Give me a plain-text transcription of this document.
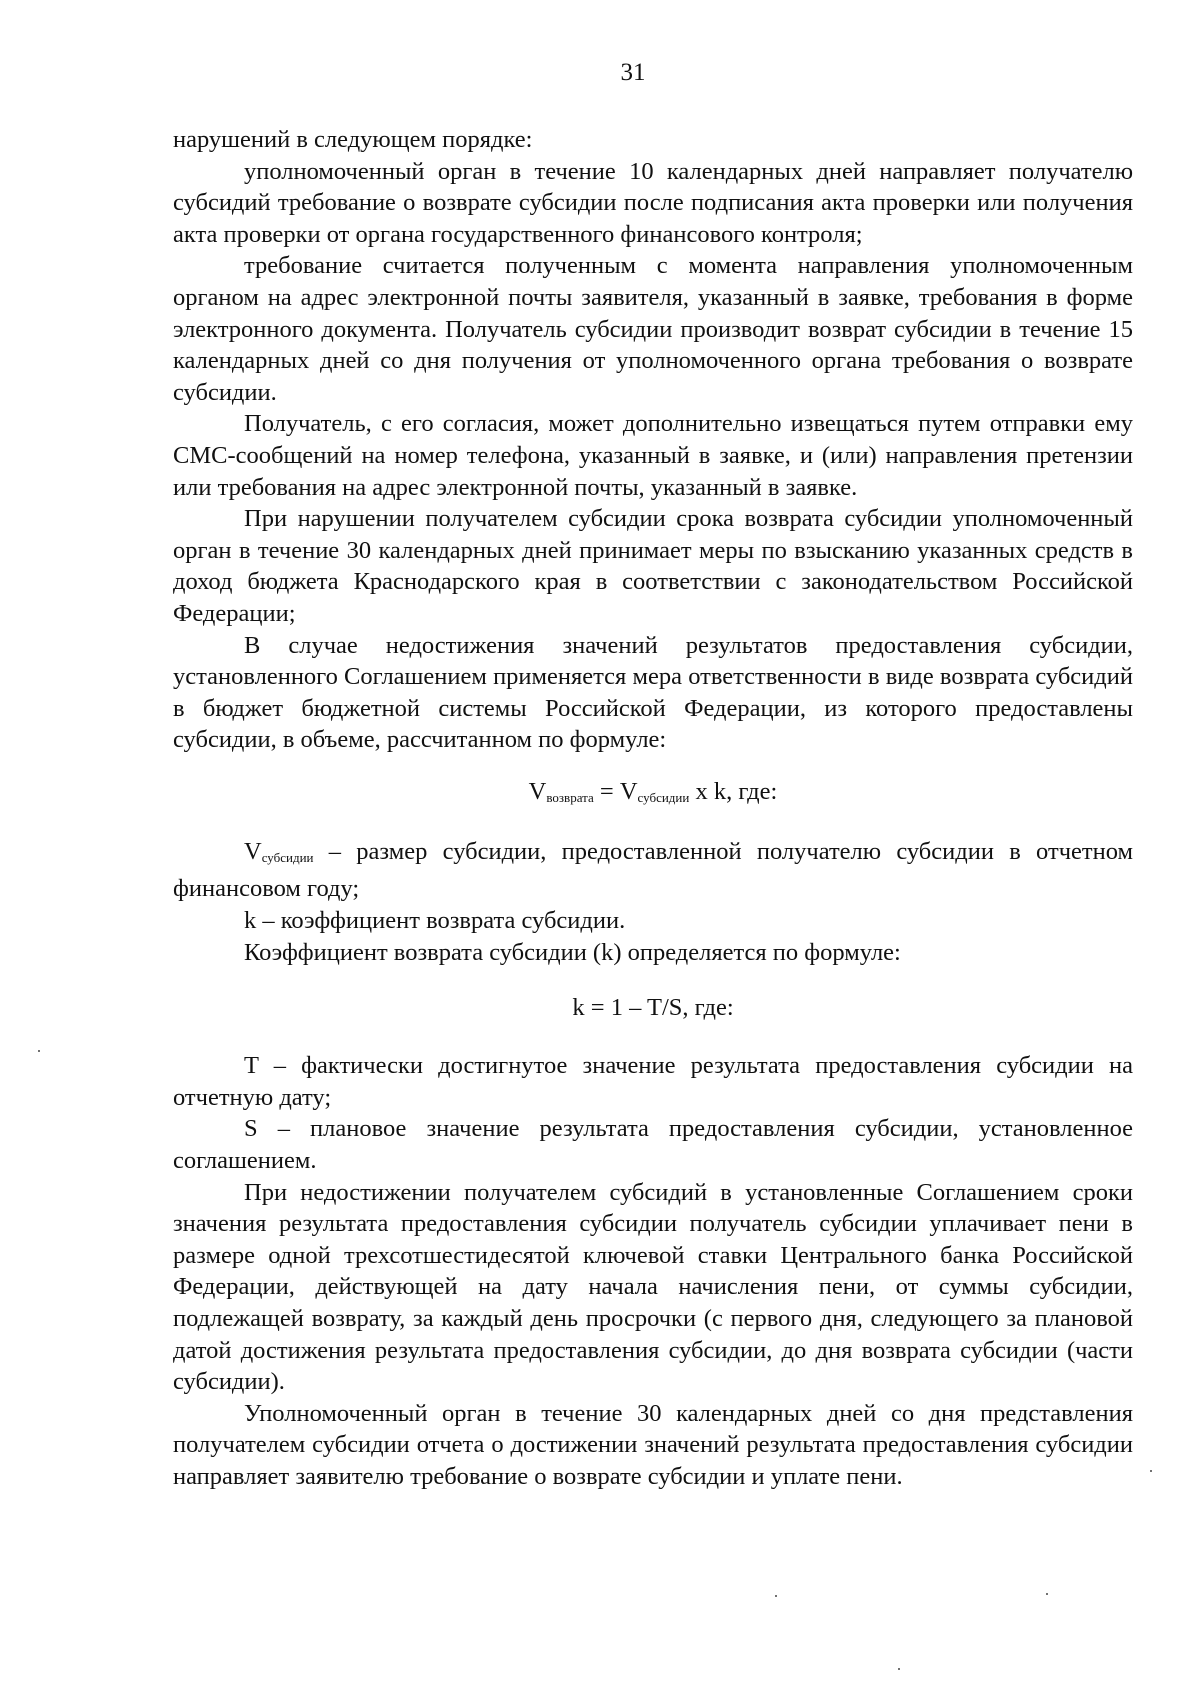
31

нарушений в следующем порядке:

уполномоченный орган в течение 10 календарных дней направляет получателю субсидий требование о возврате субсидии после подписания акта проверки или получения акта проверки от органа государственного финансового контроля;

требование считается полученным с момента направления уполномоченным органом на адрес электронной почты заявителя, указанный в заявке, требования в форме электронного документа. Получатель субсидии производит возврат субсидии в течение 15 календарных дней со дня получения от уполномоченного органа требования о возврате субсидии.

Получатель, с его согласия, может дополнительно извещаться путем отправки ему СМС-сообщений на номер телефона, указанный в заявке, и (или) направления претензии или требования на адрес электронной почты, указанный в заявке.

При нарушении получателем субсидии срока возврата субсидии уполномоченный орган в течение 30 календарных дней принимает меры по взысканию указанных средств в доход бюджета Краснодарского края в соответствии с законодательством Российской Федерации;

В случае недостижения значений результатов предоставления субсидии, установленного Соглашением применяется мера ответственности в виде возврата субсидий в бюджет бюджетной системы Российской Федерации, из которого предоставлены субсидии, в объеме, рассчитанном по формуле:

$V_{возврата} = V_{субсидии}$ x k, где:

$V_{субсидии}$ – размер субсидии, предоставленной получателю субсидии в отчетном финансовом году;

k – коэффициент возврата субсидии.

Коэффициент возврата субсидии (k) определяется по формуле:

k = 1 – T/S, где:

T – фактически достигнутое значение результата предоставления субсидии на отчетную дату;

S – плановое значение результата предоставления субсидии, установленное соглашением.

При недостижении получателем субсидий в установленные Соглашением сроки значения результата предоставления субсидии получатель субсидии уплачивает пени в размере одной трехсотшестидесятой ключевой ставки Центрального банка Российской Федерации, действующей на дату начала начисления пени, от суммы субсидии, подлежащей возврату, за каждый день просрочки (с первого дня, следующего за плановой датой достижения результата предоставления субсидии, до дня возврата субсидии (части субсидии).

Уполномоченный орган в течение 30 календарных дней со дня представления получателем субсидии отчета о достижении значений результата предоставления субсидии направляет заявителю требование о возврате субсидии и уплате пени.
